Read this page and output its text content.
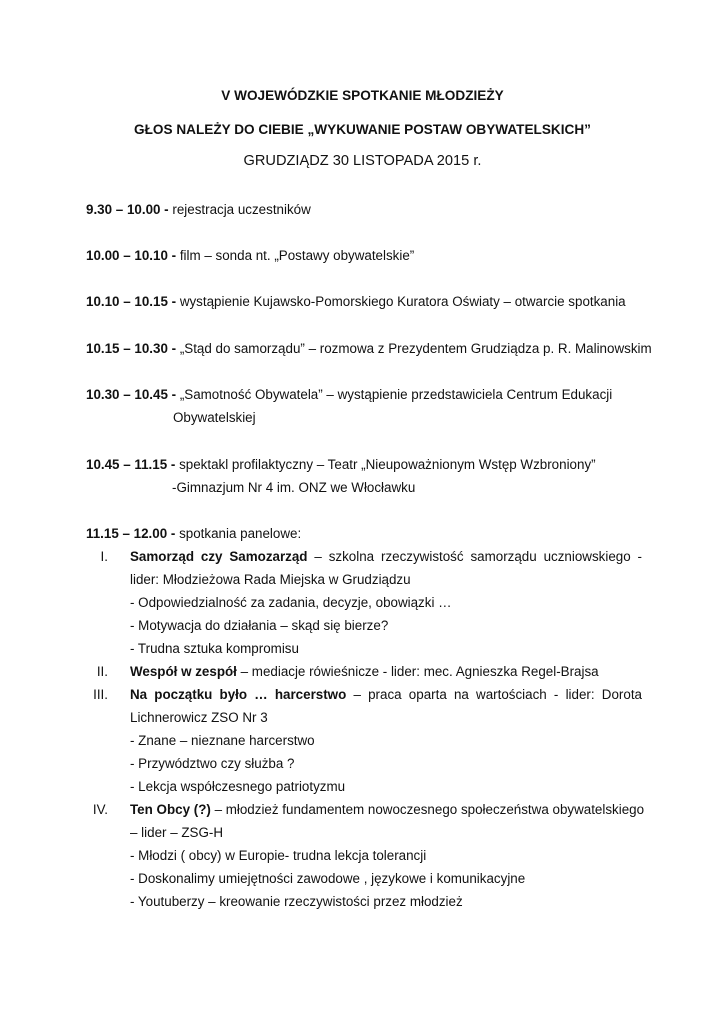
V WOJEWÓDZKIE SPOTKANIE MŁODZIEŻY
GŁOS NALEŻY DO CIEBIE „WYKUWANIE POSTAW OBYWATELSKICH”
GRUDZIĄDZ 30 LISTOPADA 2015 r.
9.30 – 10.00 - rejestracja uczestników
10.00 – 10.10 - film – sonda nt. „Postawy obywatelskie”
10.10 – 10.15 - wystąpienie Kujawsko-Pomorskiego Kuratora Oświaty – otwarcie spotkania
10.15 – 10.30 - „Stąd do samorządu” – rozmowa z Prezydentem Grudziądza p. R. Malinowskim
10.30 – 10.45 - „Samotność Obywatela” – wystąpienie przedstawiciela Centrum Edukacji
Obywatelskiej
10.45 – 11.15 - spektakl profilaktyczny – Teatr „Nieupoważnionym Wstęp Wzbroniony”
-Gimnazjum Nr 4 im. ONZ we Włocławku
11.15 – 12.00 - spotkania panelowe:
I. Samorząd czy Samozarząd – szkolna rzeczywistość samorządu uczniowskiego -
lider: Młodzieżowa Rada Miejska w Grudziądzu
- Odpowiedzialność za zadania, decyzje, obowiązki …
- Motywacja do działania – skąd się bierze?
- Trudna sztuka kompromisu
II. Wespół w zespół – mediacje rówieśnicze - lider: mec. Agnieszka Regel-Brajsa
III. Na początku było … harcerstwo – praca oparta na wartościach - lider: Dorota
Lichnerowicz ZSO Nr 3
- Znane – nieznane harcerstwo
- Przywództwo czy służba ?
- Lekcja współczesnego patriotyzmu
IV. Ten Obcy (?) – młodzież fundamentem nowoczesnego społeczeństwa obywatelskiego
– lider – ZSG-H
- Młodzi ( obcy) w Europie- trudna lekcja tolerancji
- Doskonalimy umiejętności zawodowe , językowe i komunikacyjne
- Youtuberzy – kreowanie rzeczywistości przez młodzież
